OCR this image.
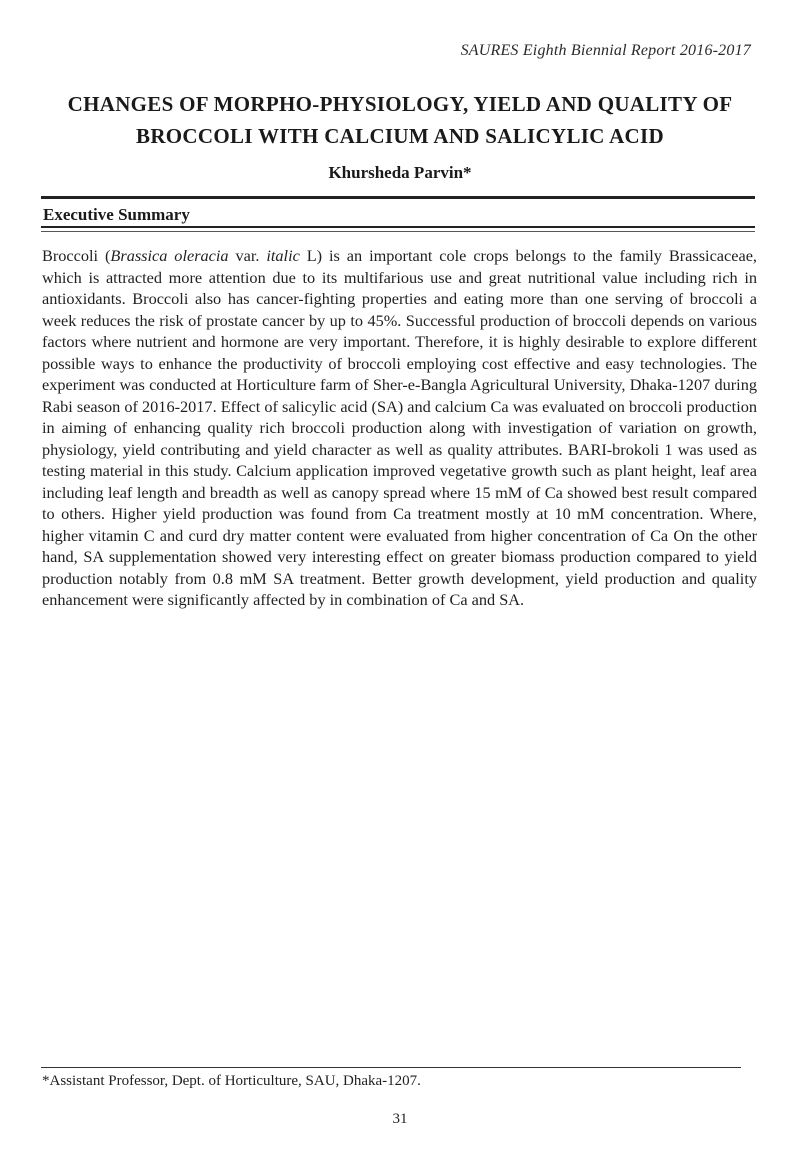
SAURES Eighth Biennial Report 2016-2017
CHANGES OF MORPHO-PHYSIOLOGY, YIELD AND QUALITY OF
BROCCOLI WITH CALCIUM AND SALICYLIC ACID
Khursheda Parvin*
Executive Summary

Broccoli (Brassica oleracia var. italic L) is an important cole crops belongs to the family Brassicaceae, which is attracted more attention due to its multifarious use and great nutritional value including rich in antioxidants. Broccoli also has cancer-fighting properties and eating more than one serving of broccoli a week reduces the risk of prostate cancer by up to 45%. Successful production of broccoli depends on various factors where nutrient and hormone are very important. Therefore, it is highly desirable to explore different possible ways to enhance the productivity of broccoli employing cost effective and easy technologies. The experiment was conducted at Horticulture farm of Sher-e-Bangla Agricultural University, Dhaka-1207 during Rabi season of 2016-2017. Effect of salicylic acid (SA) and calcium Ca was evaluated on broccoli production in aiming of enhancing quality rich broccoli production along with investigation of variation on growth, physiology, yield contributing and yield character as well as quality attributes. BARI-brokoli 1 was used as testing material in this study. Calcium application improved vegetative growth such as plant height, leaf area including leaf length and breadth as well as canopy spread where 15 mM of Ca showed best result compared to others. Higher yield production was found from Ca treatment mostly at 10 mM concentration. Where, higher vitamin C and curd dry matter content were evaluated from higher concentration of Ca On the other hand, SA supplementation showed very interesting effect on greater biomass production compared to yield production notably from 0.8 mM SA treatment. Better growth development, yield production and quality enhancement were significantly affected by in combination of Ca and SA.

*Assistant Professor, Dept. of Horticulture, SAU, Dhaka-1207.
31
